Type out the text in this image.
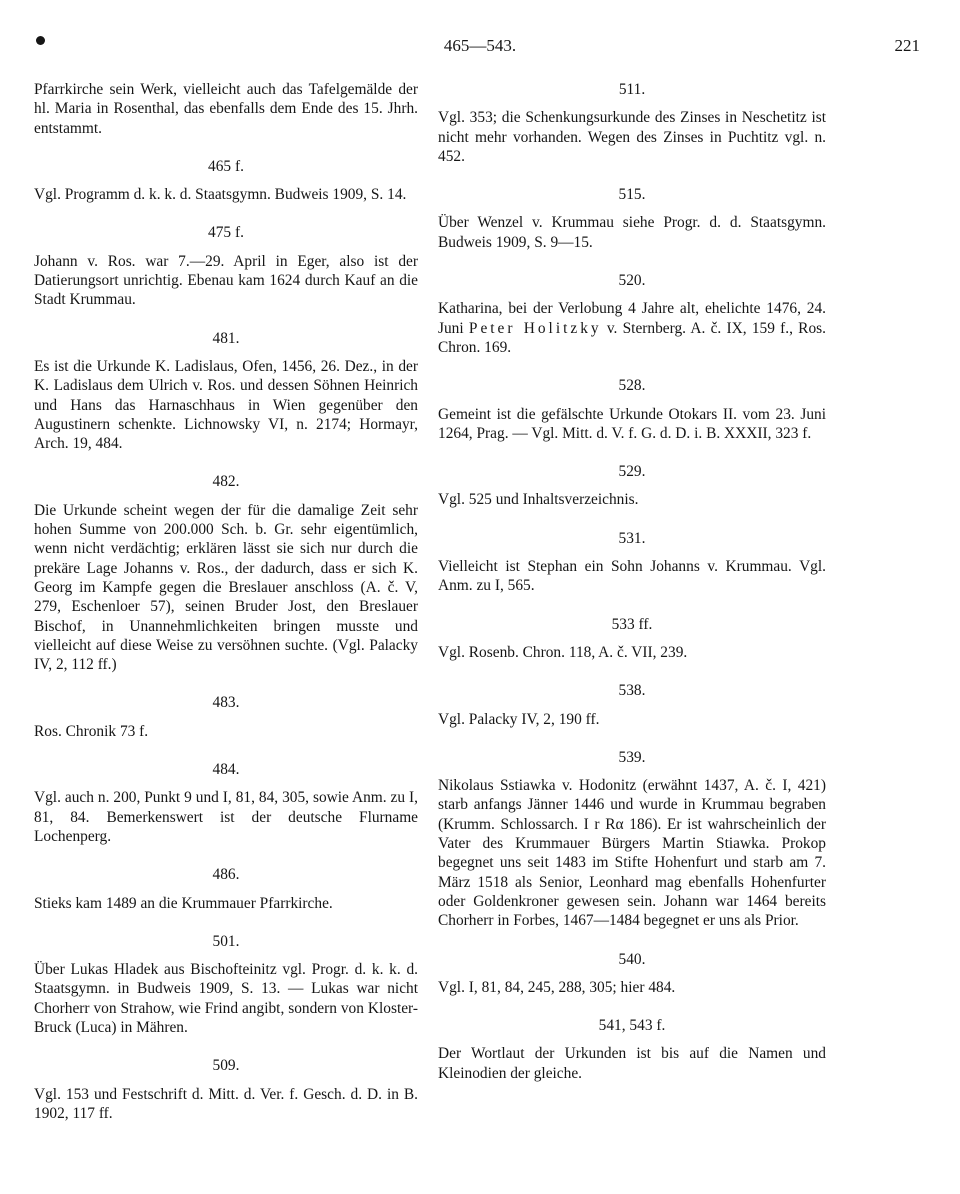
465—543.	221

Pfarrkirche sein Werk, vielleicht auch das Tafelgemälde der hl. Maria in Rosenthal, das ebenfalls dem Ende des 15. Jhrh. entstammt.

465 f.

Vgl. Programm d. k. k. d. Staatsgymn. Budweis 1909, S. 14.

475 f.

Johann v. Ros. war 7.—29. April in Eger, also ist der Datierungsort unrichtig. Ebenau kam 1624 durch Kauf an die Stadt Krummau.

481.

Es ist die Urkunde K. Ladislaus, Ofen, 1456, 26. Dez., in der K. Ladislaus dem Ulrich v. Ros. und dessen Söhnen Heinrich und Hans das Harnaschhaus in Wien gegenüber den Augustinern schenkte. Lichnowsky VI, n. 2174; Hormayr, Arch. 19, 484.

482.

Die Urkunde scheint wegen der für die damalige Zeit sehr hohen Summe von 200.000 Sch. b. Gr. sehr eigentümlich, wenn nicht verdächtig; erklären lässt sie sich nur durch die prekäre Lage Johanns v. Ros., der dadurch, dass er sich K. Georg im Kampfe gegen die Breslauer anschloss (A. č. V, 279, Eschenloer 57), seinen Bruder Jost, den Breslauer Bischof, in Unannehmlichkeiten bringen musste und vielleicht auf diese Weise zu versöhnen suchte. (Vgl. Palacky IV, 2, 112 ff.)

483.

Ros. Chronik 73 f.

484.

Vgl. auch n. 200, Punkt 9 und I, 81, 84, 305, sowie Anm. zu I, 81, 84. Bemerkenswert ist der deutsche Flurname Lochenperg.

486.

Stieks kam 1489 an die Krummauer Pfarrkirche.

501.

Über Lukas Hladek aus Bischofteinitz vgl. Progr. d. k. k. d. Staatsgymn. in Budweis 1909, S. 13. — Lukas war nicht Chorherr von Strahow, wie Frind angibt, sondern von Kloster-Bruck (Luca) in Mähren.

509.

Vgl. 153 und Festschrift d. Mitt. d. Ver. f. Gesch. d. D. in B. 1902, 117 ff.

511.

Vgl. 353; die Schenkungsurkunde des Zinses in Neschetitz ist nicht mehr vorhanden. Wegen des Zinses in Puchtitz vgl. n. 452.

515.

Über Wenzel v. Krummau siehe Progr. d. d. Staatsgymn. Budweis 1909, S. 9—15.

520.

Katharina, bei der Verlobung 4 Jahre alt, ehelichte 1476, 24. Juni Peter Holitzky v. Sternberg. A. č. IX, 159 f., Ros. Chron. 169.

528.

Gemeint ist die gefälschte Urkunde Otokars II. vom 23. Juni 1264, Prag. — Vgl. Mitt. d. V. f. G. d. D. i. B. XXXII, 323 f.

529.

Vgl. 525 und Inhaltsverzeichnis.

531.

Vielleicht ist Stephan ein Sohn Johanns v. Krummau. Vgl. Anm. zu I, 565.

533 ff.

Vgl. Rosenb. Chron. 118, A. č. VII, 239.

538.

Vgl. Palacky IV, 2, 190 ff.

539.

Nikolaus Sstiawka v. Hodonitz (erwähnt 1437, A. č. I, 421) starb anfangs Jänner 1446 und wurde in Krummau begraben (Krumm. Schlossarch. I r Rα 186). Er ist wahrscheinlich der Vater des Krummauer Bürgers Martin Stiawka. Prokop begegnet uns seit 1483 im Stifte Hohenfurt und starb am 7. März 1518 als Senior, Leonhard mag ebenfalls Hohenfurter oder Goldenkroner gewesen sein. Johann war 1464 bereits Chorherr in Forbes, 1467—1484 begegnet er uns als Prior.

540.

Vgl. I, 81, 84, 245, 288, 305; hier 484.

541, 543 f.

Der Wortlaut der Urkunden ist bis auf die Namen und Kleinodien der gleiche.
